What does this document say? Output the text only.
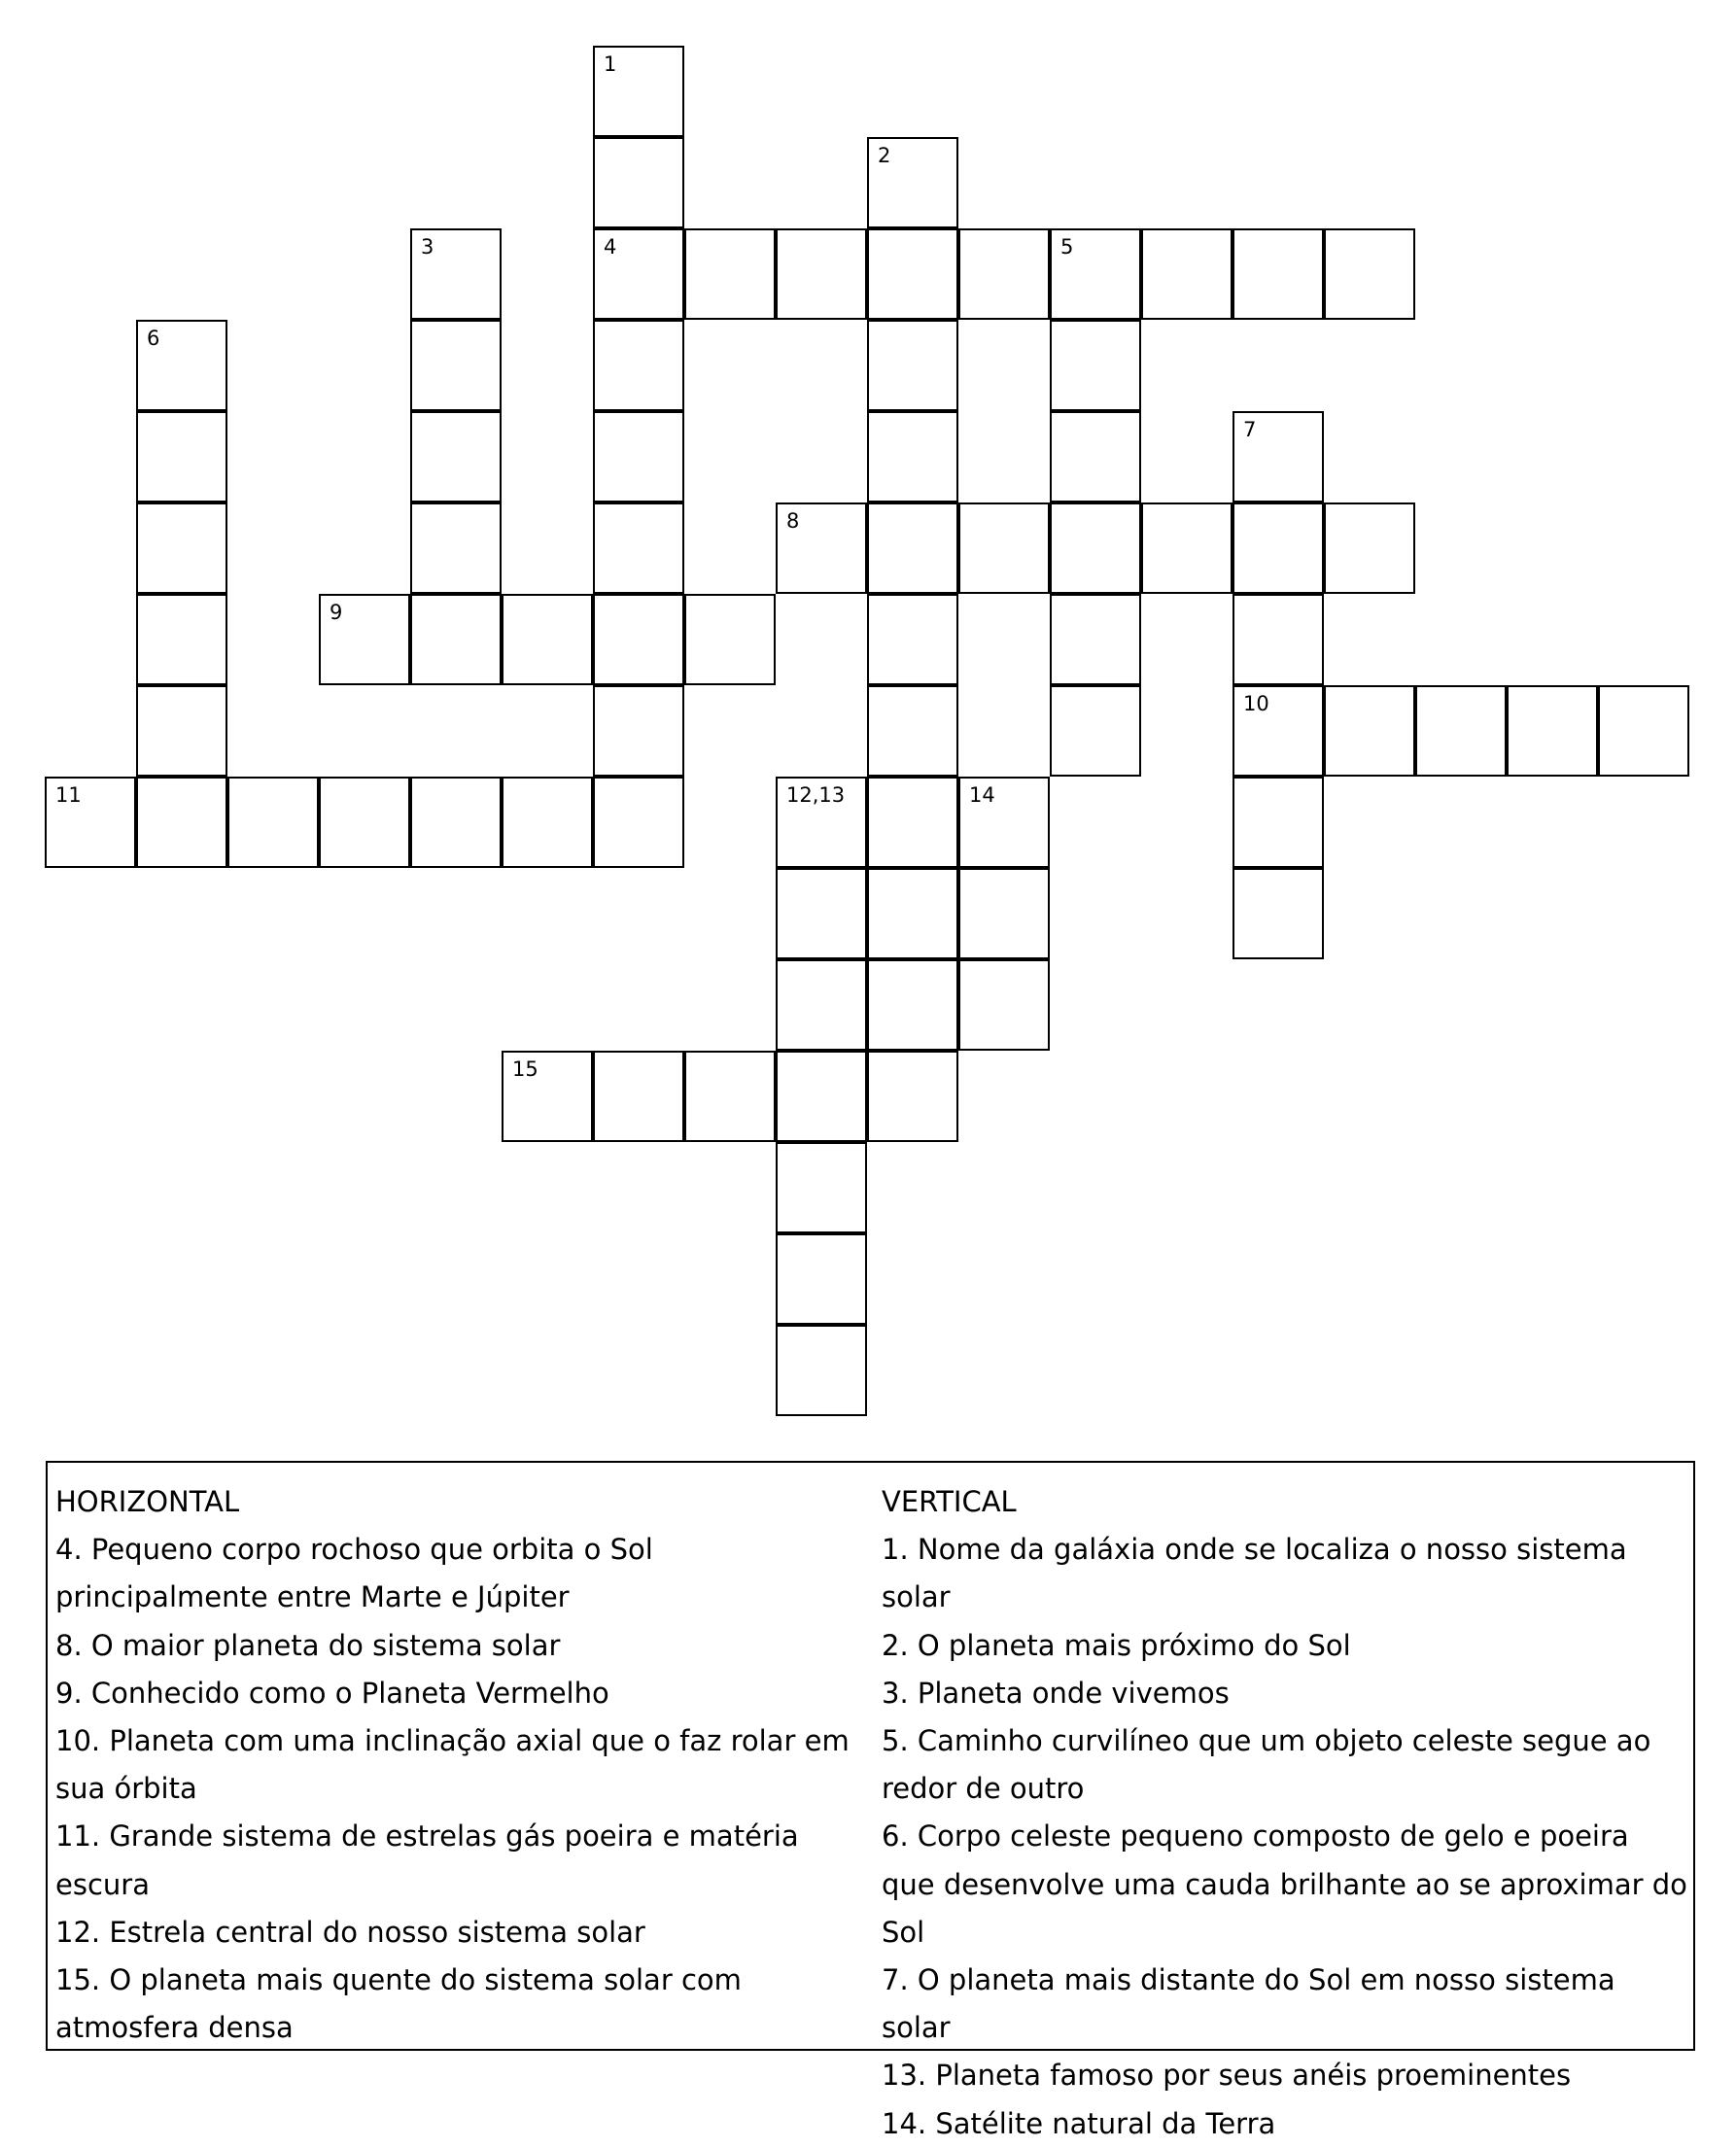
1
4
2
3	5
6
7
10
12,13	14
8
9
11
15
HORIZONTAL
4. Pequeno corpo rochoso que orbita o Sol principalmente entre Marte e Júpiter
8. O maior planeta do sistema solar
9. Conhecido como o Planeta Vermelho
10. Planeta com uma inclinação axial que o faz rolar em sua órbita
11. Grande sistema de estrelas gás poeira e matéria escura
12. Estrela central do nosso sistema solar
15. O planeta mais quente do sistema solar com atmosfera densa
VERTICAL
1. Nome da galáxia onde se localiza o nosso sistema solar
2. O planeta mais próximo do Sol
3. Planeta onde vivemos
5. Caminho curvilíneo que um objeto celeste segue ao redor de outro
6. Corpo celeste pequeno composto de gelo e poeira que desenvolve uma cauda brilhante ao se aproximar do Sol
7. O planeta mais distante do Sol em nosso sistema solar
13. Planeta famoso por seus anéis proeminentes
14. Satélite natural da Terra
